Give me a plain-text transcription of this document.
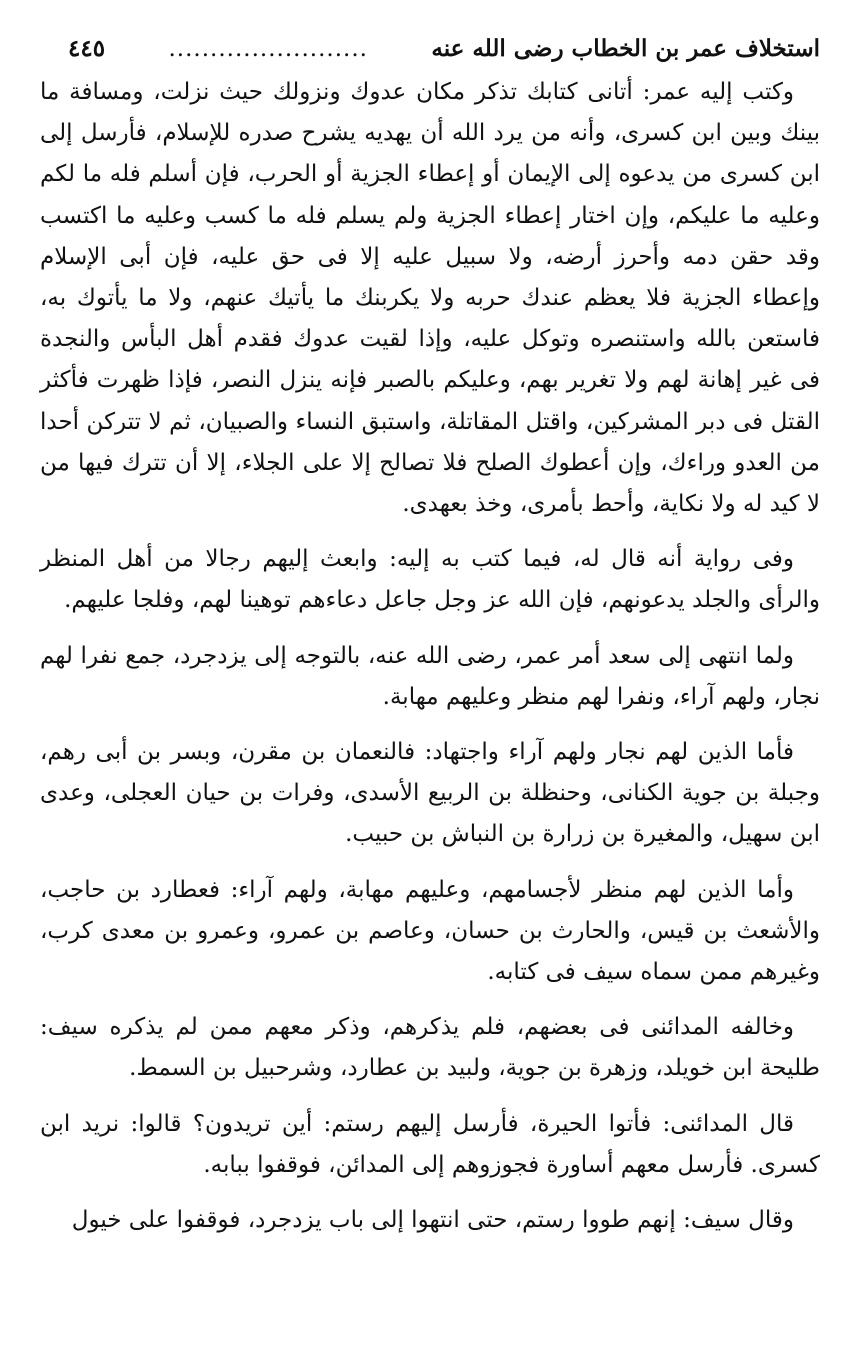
استخلاف عمر بن الخطاب رضى الله عنه
........................
٤٤٥

وكتب إليه عمر: أتانى كتابك تذكر مكان عدوك ونزولك حيث نزلت، ومسافة ما بينك وبين ابن كسرى، وأنه من يرد الله أن يهديه يشرح صدره للإسلام، فأرسل إلى ابن كسرى من يدعوه إلى الإيمان أو إعطاء الجزية أو الحرب، فإن أسلم فله ما لكم وعليه ما عليكم، وإن اختار إعطاء الجزية ولم يسلم فله ما كسب وعليه ما اكتسب وقد حقن دمه وأحرز أرضه، ولا سبيل عليه إلا فى حق عليه، فإن أبى الإسلام وإعطاء الجزية فلا يعظم عندك حربه ولا يكربنك ما يأتيك عنهم، ولا ما يأتوك به، فاستعن بالله واستنصره وتوكل عليه، وإذا لقيت عدوك فقدم أهل البأس والنجدة فى غير إهانة لهم ولا تغرير بهم، وعليكم بالصبر فإنه ينزل النصر، فإذا ظهرت فأكثر القتل فى دبر المشركين، واقتل المقاتلة، واستبق النساء والصبيان، ثم لا تتركن أحدا من العدو وراءك، وإن أعطوك الصلح فلا تصالح إلا على الجلاء، إلا أن تترك فيها من لا كيد له ولا نكاية، وأحط بأمرى، وخذ بعهدى.

وفى رواية أنه قال له، فيما كتب به إليه: وابعث إليهم رجالا من أهل المنظر والرأى والجلد يدعونهم، فإن الله عز وجل جاعل دعاءهم توهينا لهم، وفلجا عليهم.

ولما انتهى إلى سعد أمر عمر، رضى الله عنه، بالتوجه إلى يزدجرد، جمع نفرا لهم نجار، ولهم آراء، ونفرا لهم منظر وعليهم مهابة.

فأما الذين لهم نجار ولهم آراء واجتهاد: فالنعمان بن مقرن، وبسر بن أبى رهم، وجبلة بن جوية الكنانى، وحنظلة بن الربيع الأسدى، وفرات بن حيان العجلى، وعدى ابن سهيل، والمغيرة بن زرارة بن النباش بن حبيب.

وأما الذين لهم منظر لأجسامهم، وعليهم مهابة، ولهم آراء: فعطارد بن حاجب، والأشعث بن قيس، والحارث بن حسان، وعاصم بن عمرو، وعمرو بن معدى كرب، وغيرهم ممن سماه سيف فى كتابه.

وخالفه المدائنى فى بعضهم، فلم يذكرهم، وذكر معهم ممن لم يذكره سيف: طليحة ابن خويلد، وزهرة بن جوية، ولبيد بن عطارد، وشرحبيل بن السمط.

قال المدائنى: فأتوا الحيرة، فأرسل إليهم رستم: أين تريدون؟ قالوا: نريد ابن كسرى. فأرسل معهم أساورة فجوزوهم إلى المدائن، فوقفوا ببابه.

وقال سيف: إنهم طووا رستم، حتى انتهوا إلى باب يزدجرد، فوقفوا على خيول
